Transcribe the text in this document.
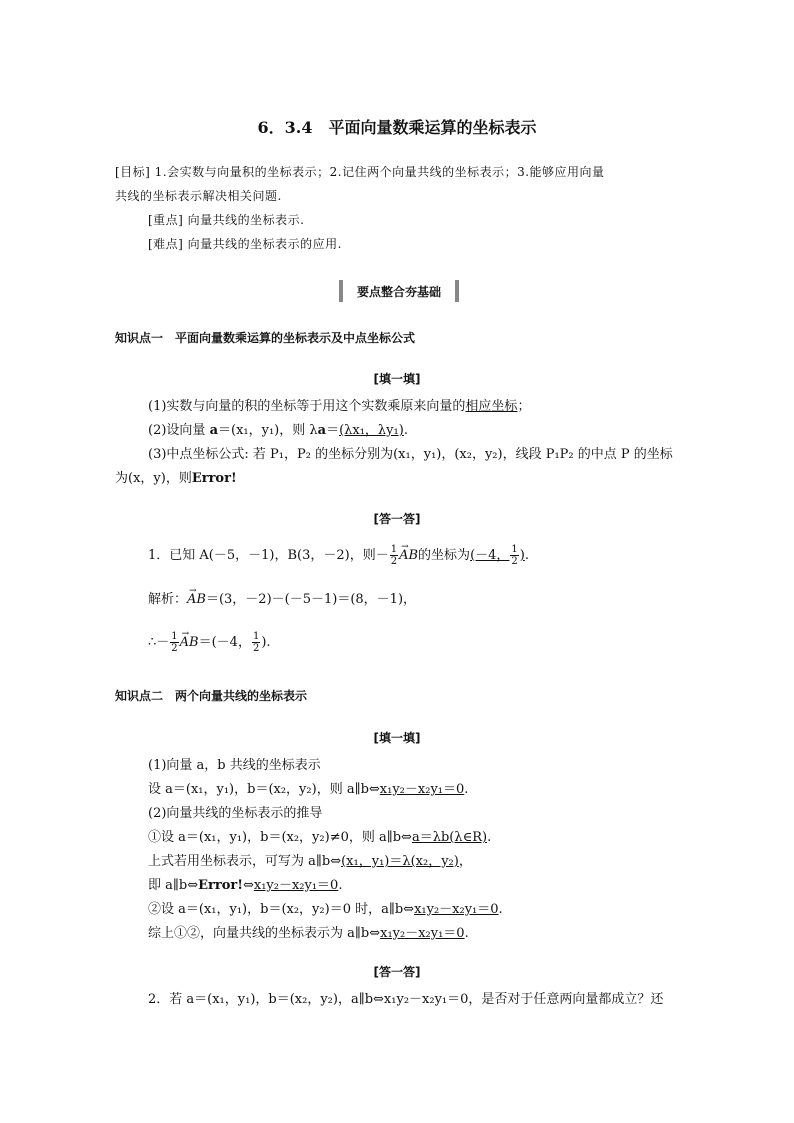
6．3.4　平面向量数乘运算的坐标表示
[目标] 1.会实数与向量积的坐标表示；2.记住两个向量共线的坐标表示；3.能够应用向量
共线的坐标表示解决相关问题.
[重点] 向量共线的坐标表示.
[难点] 向量共线的坐标表示的应用.
要点整合夯基础
知识点一　平面向量数乘运算的坐标表示及中点坐标公式
[填一填]
(1)实数与向量的积的坐标等于用这个实数乘原来向量的相应坐标；
(2)设向量 a＝(x₁，y₁)，则 λa＝(λx₁，λy₁).
(3)中点坐标公式: 若 P₁，P₂ 的坐标分别为(x₁，y₁)，(x₂，y₂)，线段 P₁P₂ 的中点 P 的坐标
为(x，y)，则Error!
[答一答]
1．已知 A(－5，－1)，B(3，－2)，则－ $\frac{1}{2}$
→ AB的坐标为(－4， $\frac{1}{2}$ ).
解析：→ AB＝(3，－2)－(－5－1)＝(8，－1)，
∴－ $\frac{1}{2}$
→ AB＝(－4， $\frac{1}{2}$ ).
知识点二　两个向量共线的坐标表示
[填一填]
(1)向量 a，b 共线的坐标表示
设 a＝(x₁，y₁)，b＝(x₂，y₂)，则 a∥b⇔x₁y₂－x₂y₁＝0.
(2)向量共线的坐标表示的推导
①设 a＝(x₁，y₁)，b＝(x₂，y₂)≠0，则 a∥b⇔a＝λb(λ∈R).
上式若用坐标表示，可写为 a∥b⇔(x₁，y₁)＝λ(x₂，y₂)，
即 a∥b⇔Error!⇔x₁y₂－x₂y₁＝0.
②设 a＝(x₁，y₁)，b＝(x₂，y₂)＝0 时，a∥b⇔x₁y₂－x₂y₁＝0.
综上①②，向量共线的坐标表示为 a∥b⇔x₁y₂－x₂y₁＝0.
[答一答]
2．若 a＝(x₁，y₁)，b＝(x₂，y₂)，a∥b⇔x₁y₂－x₂y₁＝0，是否对于任意两向量都成立？还
